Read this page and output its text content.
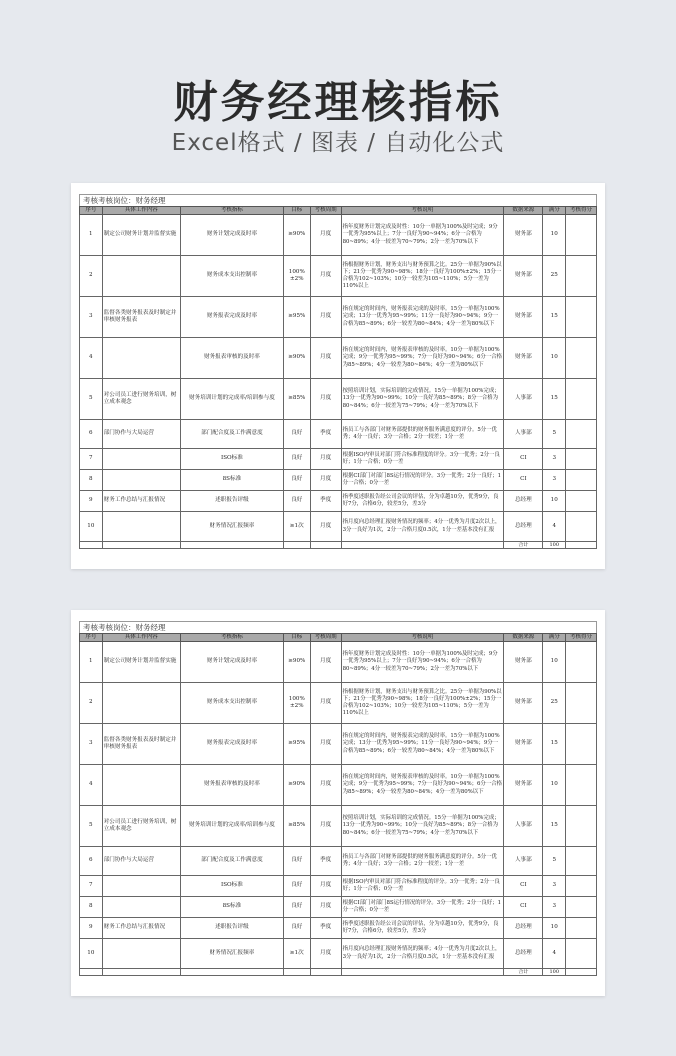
财务经理核指标
Excel格式 / 图表 / 自动化公式
考核考核岗位：财务经理
序号	具体工作内容	考核指标	目标	考核周期	考核说明	数据来源	满分	考核得分
1	制定公司财务计划并监督实施	财务计划完成及时率	≥90%	月度	指年度财务计划完成及时性：10分一单据为100%及时完成；9分一优秀为95%以上；7分一良好为90~94%；6分一合格为80~89%；4分一较差为70~79%；2分一差为70%以下	财务部	10	
2		财务成本支出控制率	100%±2%	月度	指根据财务计划，财务支出与财务预算之比。25分一单据为90%以下；21分一优秀为90~98%；18分一良好为100%±2%；15分一合格为102~103%；10分一较差为105~110%；5分一差为110%以上	财务部	25	
3	监督各类财务报表及时制定并审核财务报表	财务报表完成及时率	≥95%	月度	指在规定的时间内，财务报表完成的及时率。15分一单据为100%完成；13分一优秀为95~99%；11分一良好为90~94%；9分一合格为85~89%；6分一较差为80~84%；4分一差为80%以下	财务部	15	
4		财务报表审核的及时率	≥90%	月度	指在规定的时间内，财务报表审核的及时率。10分一单据为100%完成；9分一优秀为95~99%；7分一良好为90~94%；6分一合格为85~89%；4分一较差为80~84%；4分一差为80%以下	财务部	10	
5	对公司员工进行财务培训，树立成本观念	财务培训计划的完成率/培训参与度	≥85%	月度	按照培训计划，实际培训的完成情况。15分一单据为100%完成；13分一优秀为90~99%；10分一良好为85~89%；8分一合格为80~84%；6分一较差为75~79%；4分一差为70%以下	人事部	15	
6	部门协作与大局运营	部门配合度及工作满意度	良好	季度	指员工与各部门对财务部提供的财务服务满意度的评分。5分一优秀；4分一良好；3分一合格；2分一较差；1分一差	人事部	5	
7		ISO标准	良好	月度	根据ISO内审员对部门符合标准程度的评分。3分一优秀；2分一良好；1分一合格；0分一差	CI	3	
8		8S标准	良好	月度	根据CI部门对部门8S运行情况的评分。3分一优秀；2分一良好；1分一合格；0分一差	CI	3	
9	财务工作总结与汇报情况	述职报告评级	良好	季度	指季度述职报告经公司会议的评估，分为卓越10分，优秀9分，良好7分，合格6分，较差5分，差3分	总经理	10	
10		财务情况汇报频率	≥1次	月度	指月度向总经理汇报财务情况的频率；4分一优秀为月度2次以上，3分一良好为1次，2分一合格月度0.5次，1分一差基本没有汇报	总经理	4	
						合计	100	
考核考核岗位：财务经理
序号	具体工作内容	考核指标	目标	考核周期	考核说明	数据来源	满分	考核得分
1	制定公司财务计划并监督实施	财务计划完成及时率	≥90%	月度	指年度财务计划完成及时性：10分一单据为100%及时完成；9分一优秀为95%以上；7分一良好为90~94%；6分一合格为80~89%；4分一较差为70~79%；2分一差为70%以下	财务部	10	
2		财务成本支出控制率	100%±2%	月度	指根据财务计划，财务支出与财务预算之比。25分一单据为90%以下；21分一优秀为90~98%；18分一良好为100%±2%；15分一合格为102~103%；10分一较差为105~110%；5分一差为110%以上	财务部	25	
3	监督各类财务报表及时制定并审核财务报表	财务报表完成及时率	≥95%	月度	指在规定的时间内，财务报表完成的及时率。15分一单据为100%完成；13分一优秀为95~99%；11分一良好为90~94%；9分一合格为85~89%；6分一较差为80~84%；4分一差为80%以下	财务部	15	
4		财务报表审核的及时率	≥90%	月度	指在规定的时间内，财务报表审核的及时率。10分一单据为100%完成；9分一优秀为95~99%；7分一良好为90~94%；6分一合格为85~89%；4分一较差为80~84%；4分一差为80%以下	财务部	10	
5	对公司员工进行财务培训，树立成本观念	财务培训计划的完成率/培训参与度	≥85%	月度	按照培训计划，实际培训的完成情况。15分一单据为100%完成；13分一优秀为90~99%；10分一良好为85~89%；8分一合格为80~84%；6分一较差为75~79%；4分一差为70%以下	人事部	15	
6	部门协作与大局运营	部门配合度及工作满意度	良好	季度	指员工与各部门对财务部提供的财务服务满意度的评分。5分一优秀；4分一良好；3分一合格；2分一较差；1分一差	人事部	5	
7		ISO标准	良好	月度	根据ISO内审员对部门符合标准程度的评分。3分一优秀；2分一良好；1分一合格；0分一差	CI	3	
8		8S标准	良好	月度	根据CI部门对部门8S运行情况的评分。3分一优秀；2分一良好；1分一合格；0分一差	CI	3	
9	财务工作总结与汇报情况	述职报告评级	良好	季度	指季度述职报告经公司会议的评估，分为卓越10分，优秀9分，良好7分，合格6分，较差5分，差3分	总经理	10	
10		财务情况汇报频率	≥1次	月度	指月度向总经理汇报财务情况的频率；4分一优秀为月度2次以上，3分一良好为1次，2分一合格月度0.5次，1分一差基本没有汇报	总经理	4	
						合计	100	
